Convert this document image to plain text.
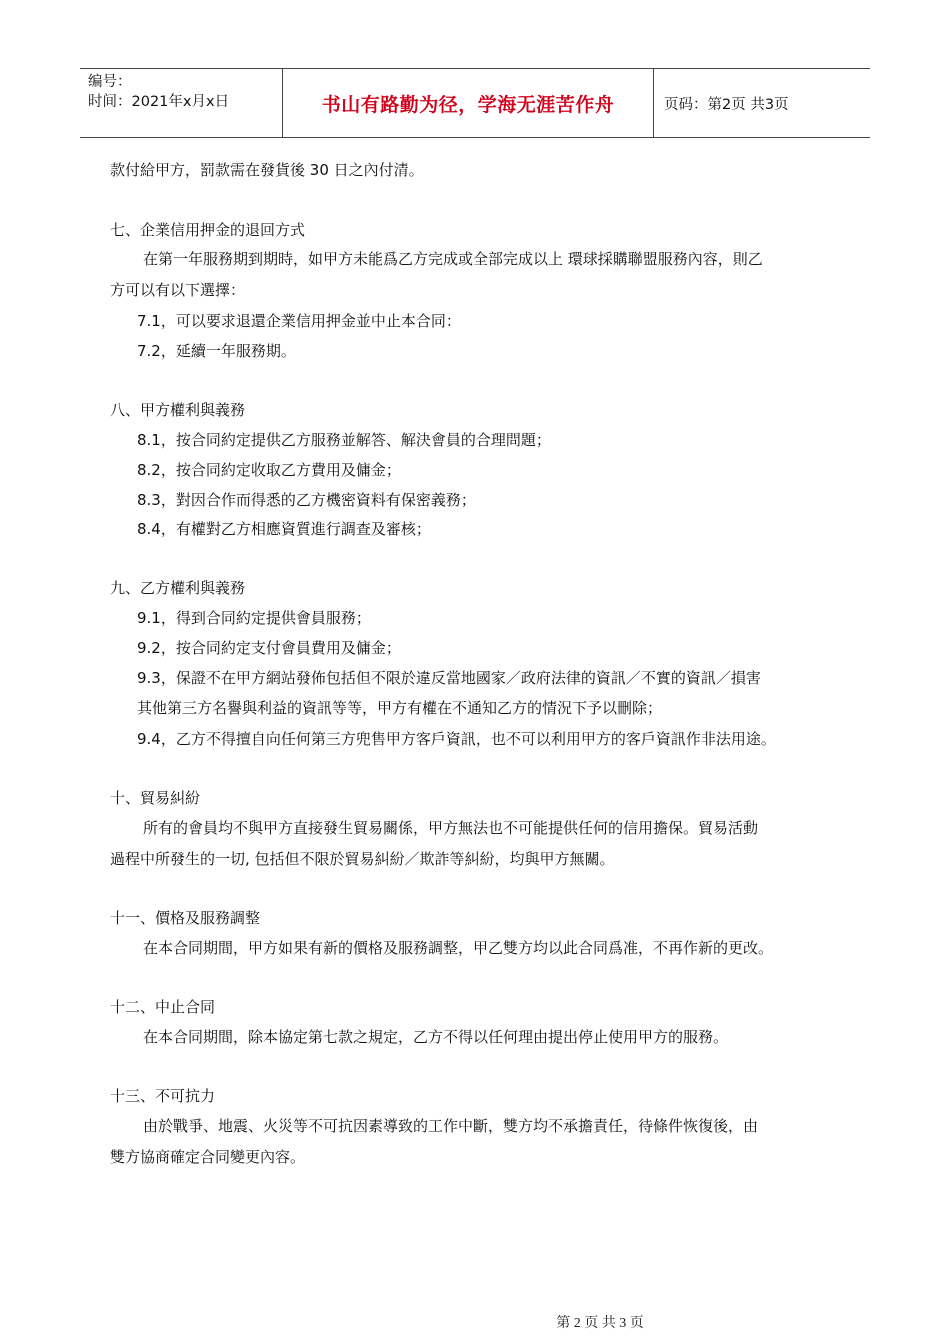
编号：
时间：2021年x月x日	书山有路勤为径，学海无涯苦作舟	页码：第2页 共3页
款付給甲方，罰款需在發貨後 30 日之內付清。
七、企業信用押金的退回方式
在第一年服務期到期時，如甲方未能爲乙方完成或全部完成以上 環球採購聯盟服務內容，則乙
方可以有以下選擇：
7.1，可以要求退還企業信用押金並中止本合同：
7.2，延續一年服務期。
八、甲方權利與義務
8.1，按合同約定提供乙方服務並解答、解決會員的合理問題；
8.2，按合同約定收取乙方費用及傭金；
8.3，對因合作而得悉的乙方機密資料有保密義務；
8.4，有權對乙方相應資質進行調查及審核；
九、乙方權利與義務
9.1，得到合同約定提供會員服務；
9.2，按合同約定支付會員費用及傭金；
9.3，保證不在甲方網站發佈包括但不限於違反當地國家／政府法律的資訊／不實的資訊／損害
其他第三方名譽與利益的資訊等等，甲方有權在不通知乙方的情況下予以刪除；
9.4，乙方不得擅自向任何第三方兜售甲方客戶資訊，也不可以利用甲方的客戶資訊作非法用途。
十、貿易糾紛
所有的會員均不與甲方直接發生貿易關係，甲方無法也不可能提供任何的信用擔保。貿易活動
過程中所發生的一切, 包括但不限於貿易糾紛／欺詐等糾紛，均與甲方無關。
十一、價格及服務調整
在本合同期間，甲方如果有新的價格及服務調整，甲乙雙方均以此合同爲准，不再作新的更改。
十二、中止合同
在本合同期間，除本協定第七款之規定，乙方不得以任何理由提出停止使用甲方的服務。
十三、不可抗力
由於戰爭、地震、火災等不可抗因素導致的工作中斷，雙方均不承擔責任，待條件恢復後，由
雙方協商確定合同變更內容。
第 2 页 共 3 页
